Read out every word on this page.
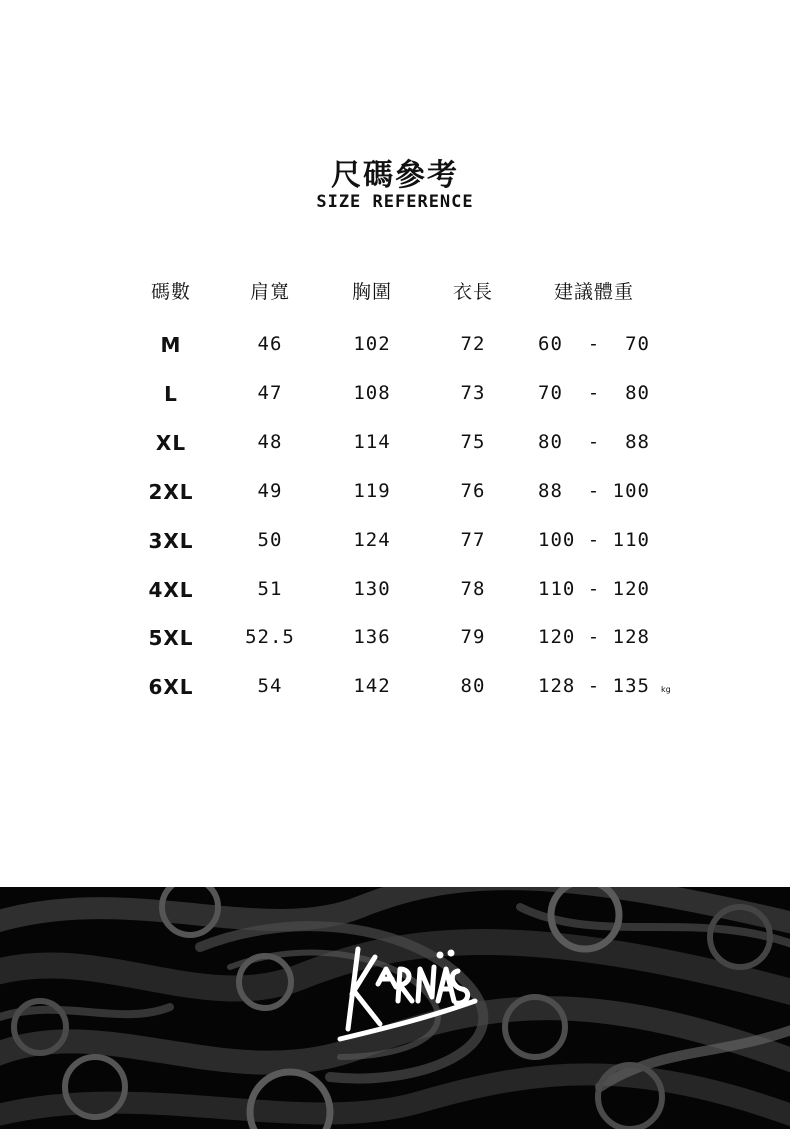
尺碼參考
SIZE REFERENCE
碼數	肩寬	胸圍	衣長	建議體重
M	46	102	72	60  -  70
L	47	108	73	70  -  80
XL	48	114	75	80  -  88
2XL	49	119	76	88  - 100
3XL	50	124	77	100 - 110
4XL	51	130	78	110 - 120
5XL	52.5	136	79	120 - 128
6XL	54	142	80	128 - 135 kg
